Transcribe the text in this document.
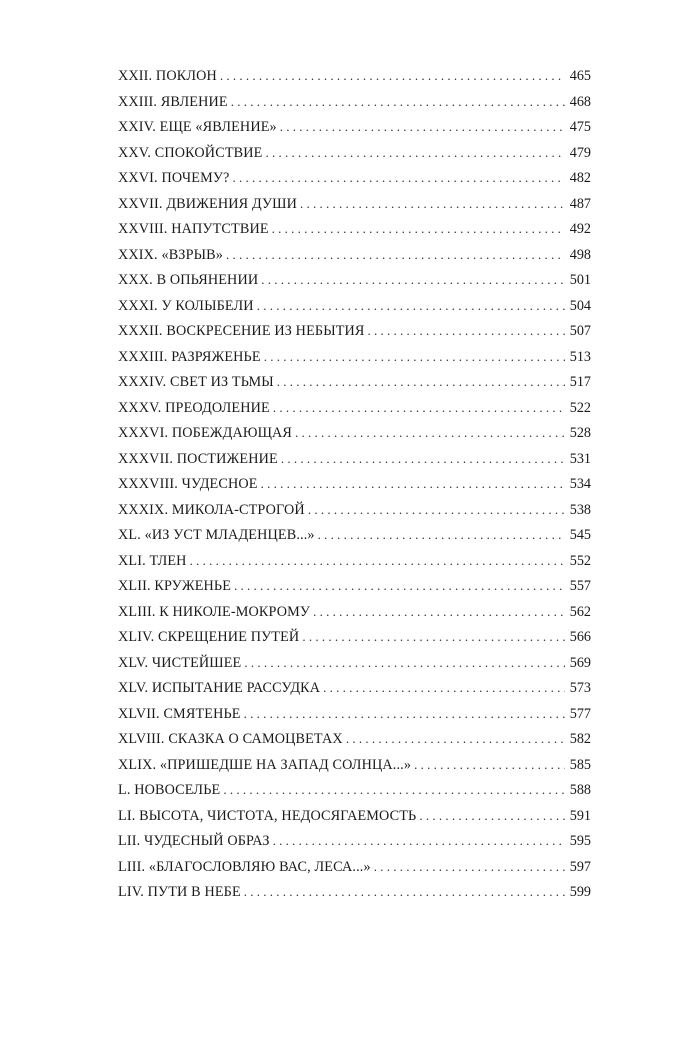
XXII. ПОКЛОН . . .	465
XXIII. ЯВЛЕНИЕ . . .	468
XXIV. ЕЩЕ «ЯВЛЕНИЕ» . . .	475
XXV. СПОКОЙСТВИЕ . . .	479
XXVI. ПОЧЕМУ? . . .	482
XXVII. ДВИЖЕНИЯ ДУШИ . . .	487
XXVIII. НАПУТСТВИЕ . . .	492
XXIX. «ВЗРЫВ» . . .	498
XXX. В ОПЬЯНЕНИИ . . .	501
XXXI. У КОЛЫБЕЛИ . . .	504
XXXII. ВОСКРЕСЕНИЕ ИЗ НЕБЫТИЯ . . .	507
XXXIII. РАЗРЯЖЕНЬЕ . . .	513
XXXIV. СВЕТ ИЗ ТЬМЫ . . .	517
XXXV. ПРЕОДОЛЕНИЕ . . .	522
XXXVI. ПОБЕЖДАЮЩАЯ . . .	528
XXXVII. ПОСТИЖЕНИЕ . . .	531
XXXVIII. ЧУДЕСНОЕ . . .	534
XXXIX. МИКОЛА-СТРОГОЙ . . .	538
XL. «ИЗ УСТ МЛАДЕНЦЕВ...» . . .	545
XLI. ТЛЕН . . .	552
XLII. КРУЖЕНЬЕ . . .	557
XLIII. К НИКОЛЕ-МОКРОМУ . . .	562
XLIV. СКРЕЩЕНИЕ ПУТЕЙ . . .	566
XLV. ЧИСТЕЙШЕЕ . . .	569
XLV. ИСПЫТАНИЕ РАССУДКА . . .	573
XLVII. СМЯТЕНЬЕ . . .	577
XLVIII. СКАЗКА О САМОЦВЕТАХ . . .	582
XLIX. «ПРИШЕДШЕ НА ЗАПАД СОЛНЦА...» . . .	585
L. НОВОСЕЛЬЕ . . .	588
LI. ВЫСОТА, ЧИСТОТА, НЕДОСЯГАЕМОСТЬ . . .	591
LII. ЧУДЕСНЫЙ ОБРАЗ . . .	595
LIII. «БЛАГОСЛОВЛЯЮ ВАС, ЛЕСА...» . . .	597
LIV. ПУТИ В НЕБЕ . . .	599
